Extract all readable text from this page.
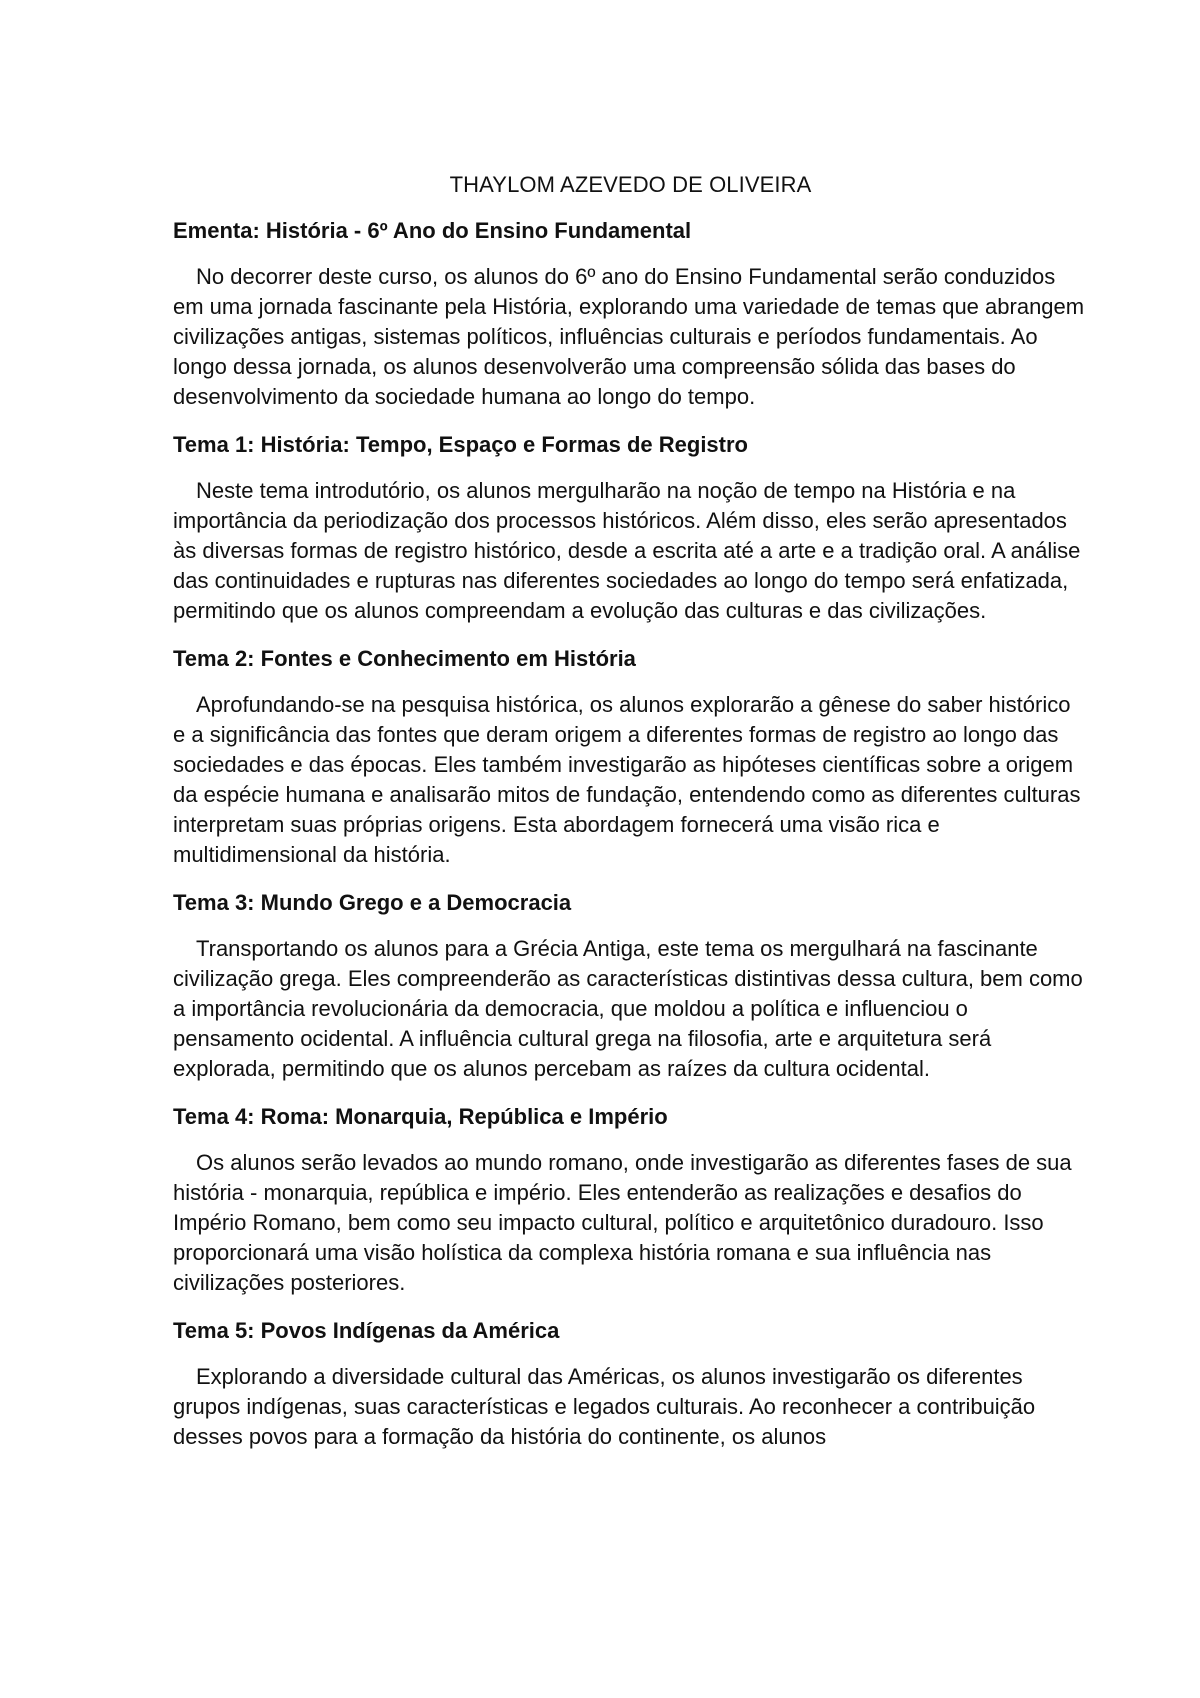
THAYLOM AZEVEDO DE OLIVEIRA
Ementa: História - 6º Ano do Ensino Fundamental

No decorrer deste curso, os alunos do 6º ano do Ensino Fundamental serão conduzidos em uma jornada fascinante pela História, explorando uma variedade de temas que abrangem civilizações antigas, sistemas políticos, influências culturais e períodos fundamentais. Ao longo dessa jornada, os alunos desenvolverão uma compreensão sólida das bases do desenvolvimento da sociedade humana ao longo do tempo.

Tema 1: História: Tempo, Espaço e Formas de Registro

Neste tema introdutório, os alunos mergulharão na noção de tempo na História e na importância da periodização dos processos históricos. Além disso, eles serão apresentados às diversas formas de registro histórico, desde a escrita até a arte e a tradição oral. A análise das continuidades e rupturas nas diferentes sociedades ao longo do tempo será enfatizada, permitindo que os alunos compreendam a evolução das culturas e das civilizações.

Tema 2: Fontes e Conhecimento em História

Aprofundando-se na pesquisa histórica, os alunos explorarão a gênese do saber histórico e a significância das fontes que deram origem a diferentes formas de registro ao longo das sociedades e das épocas. Eles também investigarão as hipóteses científicas sobre a origem da espécie humana e analisarão mitos de fundação, entendendo como as diferentes culturas interpretam suas próprias origens. Esta abordagem fornecerá uma visão rica e multidimensional da história.

Tema 3: Mundo Grego e a Democracia

Transportando os alunos para a Grécia Antiga, este tema os mergulhará na fascinante civilização grega. Eles compreenderão as características distintivas dessa cultura, bem como a importância revolucionária da democracia, que moldou a política e influenciou o pensamento ocidental. A influência cultural grega na filosofia, arte e arquitetura será explorada, permitindo que os alunos percebam as raízes da cultura ocidental.

Tema 4: Roma: Monarquia, República e Império

Os alunos serão levados ao mundo romano, onde investigarão as diferentes fases de sua história - monarquia, república e império. Eles entenderão as realizações e desafios do Império Romano, bem como seu impacto cultural, político e arquitetônico duradouro. Isso proporcionará uma visão holística da complexa história romana e sua influência nas civilizações posteriores.

Tema 5: Povos Indígenas da América

Explorando a diversidade cultural das Américas, os alunos investigarão os diferentes grupos indígenas, suas características e legados culturais. Ao reconhecer a contribuição desses povos para a formação da história do continente, os alunos
